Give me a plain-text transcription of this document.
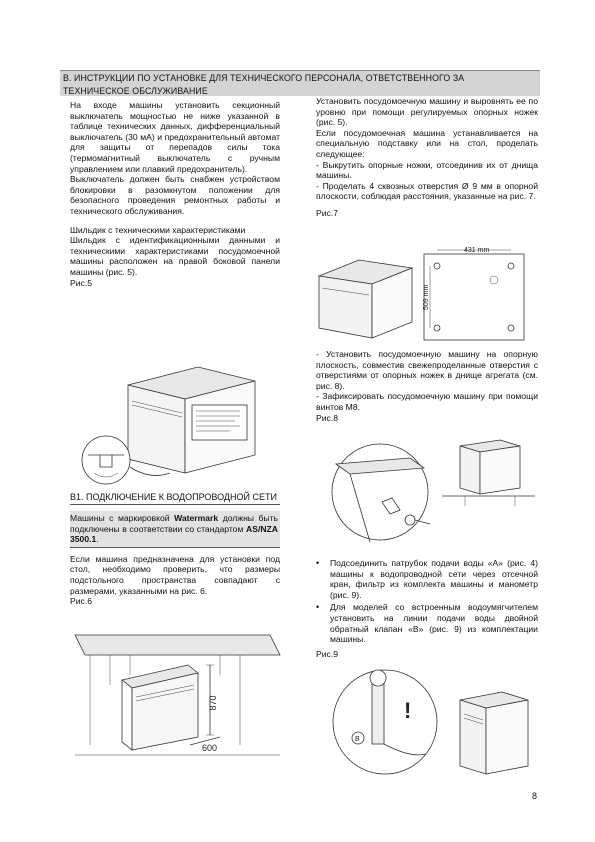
B. ИНСТРУКЦИИ ПО УСТАНОВКЕ ДЛЯ ТЕХНИЧЕСКОГО ПЕРСОНАЛА, ОТВЕТСТВЕННОГО ЗА

ТЕХНИЧЕСКОЕ ОБСЛУЖИВАНИЕ

На входе машины установить секционный выключатель мощностью не ниже указанной в таблице технических данных, дифференциальный выключатель (30 мА) и предохранительный автомат для защиты от перепадов силы тока (термомагнитный выключатель с ручным управлением или плавкий предохранитель).

Выключатель должен быть снабжен устройством блокировки в разомкнутом положении для безопасного проведения ремонтных работы и технического обслуживания.

Шильдик с техническими характеристиками

Шильдик с идентификационными данными и техническими характеристиками посудомоечной машины расположен на правой боковой панели машины (рис. 5).

Рис.5

B1. ПОДКЛЮЧЕНИЕ К ВОДОПРОВОДНОЙ СЕТИ

Машины с маркировкой Watermark должны быть подключены в соответствии со стандартом AS/NZA 3500.1.

Если машина предназначена для установки под стол, необходимо проверить, что размеры подстольного пространства совпадают с размерами, указанными на рис. 6.

Рис.6

870
600

Установить посудомоечную машину и выровнять ее по уровню при помощи регулируемых опорных ножек (рис. 5).

Если посудомоечная машина устанавливается на специальную подставку или на стол, проделать следующее:

- Выкрутить опорные ножки, отсоединив их от днища машины.

- Проделать 4 сквозных отверстия Ø 9 мм в опорной плоскости, соблюдая расстояния, указанные на рис. 7.

Рис.7

431 mm
509 mm

- Установить посудомоечную машину на опорную плоскость, совместив свежепроделанные отверстия с отверстиями от опорных ножек в днище агрегата (см. рис. 8).

- Зафиксировать посудомоечную машину при помощи винтов М8.

Рис.8

•	Подсоединить патрубок подачи воды «A» (рис. 4) машины к водопроводной сети через отсечной кран, фильтр из комплекта машины и манометр (рис. 9).

•	Для моделей со встроенным водоумягчителем установить на линии подачи воды двойной обратный клапан «B» (рис. 9) из комплектации машины.

Рис.9

B
!
8
